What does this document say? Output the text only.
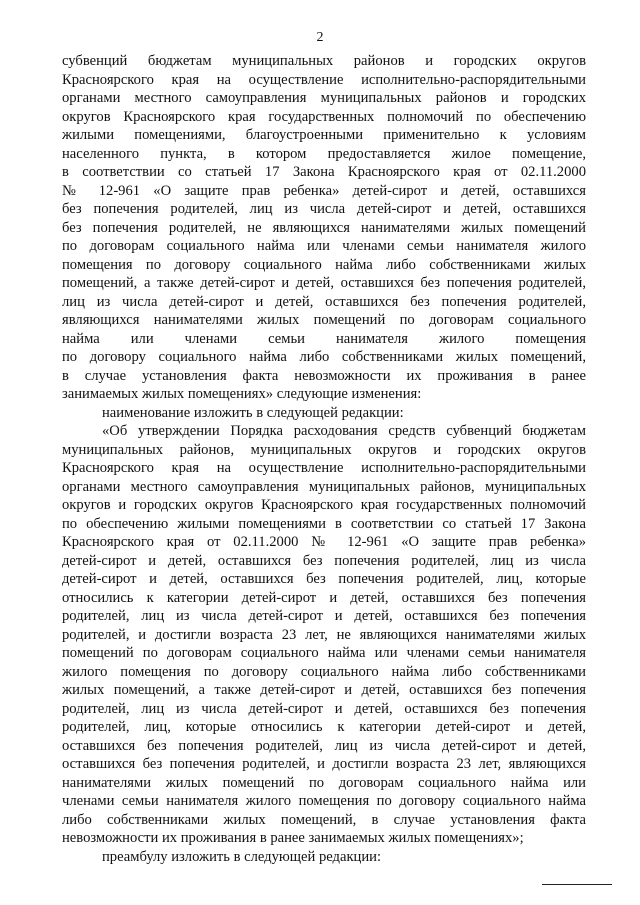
2
субвенций бюджетам муниципальных районов и городских округов
Красноярского края на осуществление исполнительно-распорядительными
органами местного самоуправления муниципальных районов и городских
округов Красноярского края государственных полномочий по обеспечению
жилыми помещениями, благоустроенными применительно к условиям
населенного пункта, в котором предоставляется жилое помещение,
в соответствии со статьей 17 Закона Красноярского края от 02.11.2000
№ 12-961 «О защите прав ребенка» детей-сирот и детей, оставшихся
без попечения родителей, лиц из числа детей-сирот и детей, оставшихся
без попечения родителей, не являющихся нанимателями жилых помещений
по договорам социального найма или членами семьи нанимателя жилого
помещения по договору социального найма либо собственниками жилых
помещений, а также детей-сирот и детей, оставшихся без попечения родителей,
лиц из числа детей-сирот и детей, оставшихся без попечения родителей,
являющихся нанимателями жилых помещений по договорам социального
найма или членами семьи нанимателя жилого помещения
по договору социального найма либо собственниками жилых помещений,
в случае установления факта невозможности их проживания в ранее
занимаемых жилых помещениях» следующие изменения:
наименование изложить в следующей редакции:
«Об утверждении Порядка расходования средств субвенций бюджетам
муниципальных районов, муниципальных округов и городских округов
Красноярского края на осуществление исполнительно-распорядительными
органами местного самоуправления муниципальных районов, муниципальных
округов и городских округов Красноярского края государственных полномочий
по обеспечению жилыми помещениями в соответствии со статьей 17 Закона
Красноярского края от 02.11.2000 № 12-961 «О защите прав ребенка»
детей-сирот и детей, оставшихся без попечения родителей, лиц из числа
детей-сирот и детей, оставшихся без попечения родителей, лиц, которые
относились к категории детей-сирот и детей, оставшихся без попечения
родителей, лиц из числа детей-сирот и детей, оставшихся без попечения
родителей, и достигли возраста 23 лет, не являющихся нанимателями жилых
помещений по договорам социального найма или членами семьи нанимателя
жилого помещения по договору социального найма либо собственниками
жилых помещений, а также детей-сирот и детей, оставшихся без попечения
родителей, лиц из числа детей-сирот и детей, оставшихся без попечения
родителей, лиц, которые относились к категории детей-сирот и детей,
оставшихся без попечения родителей, лиц из числа детей-сирот и детей,
оставшихся без попечения родителей, и достигли возраста 23 лет, являющихся
нанимателями жилых помещений по договорам социального найма или
членами семьи нанимателя жилого помещения по договору социального найма
либо собственниками жилых помещений, в случае установления факта
невозможности их проживания в ранее занимаемых жилых помещениях»;
преамбулу изложить в следующей редакции:
